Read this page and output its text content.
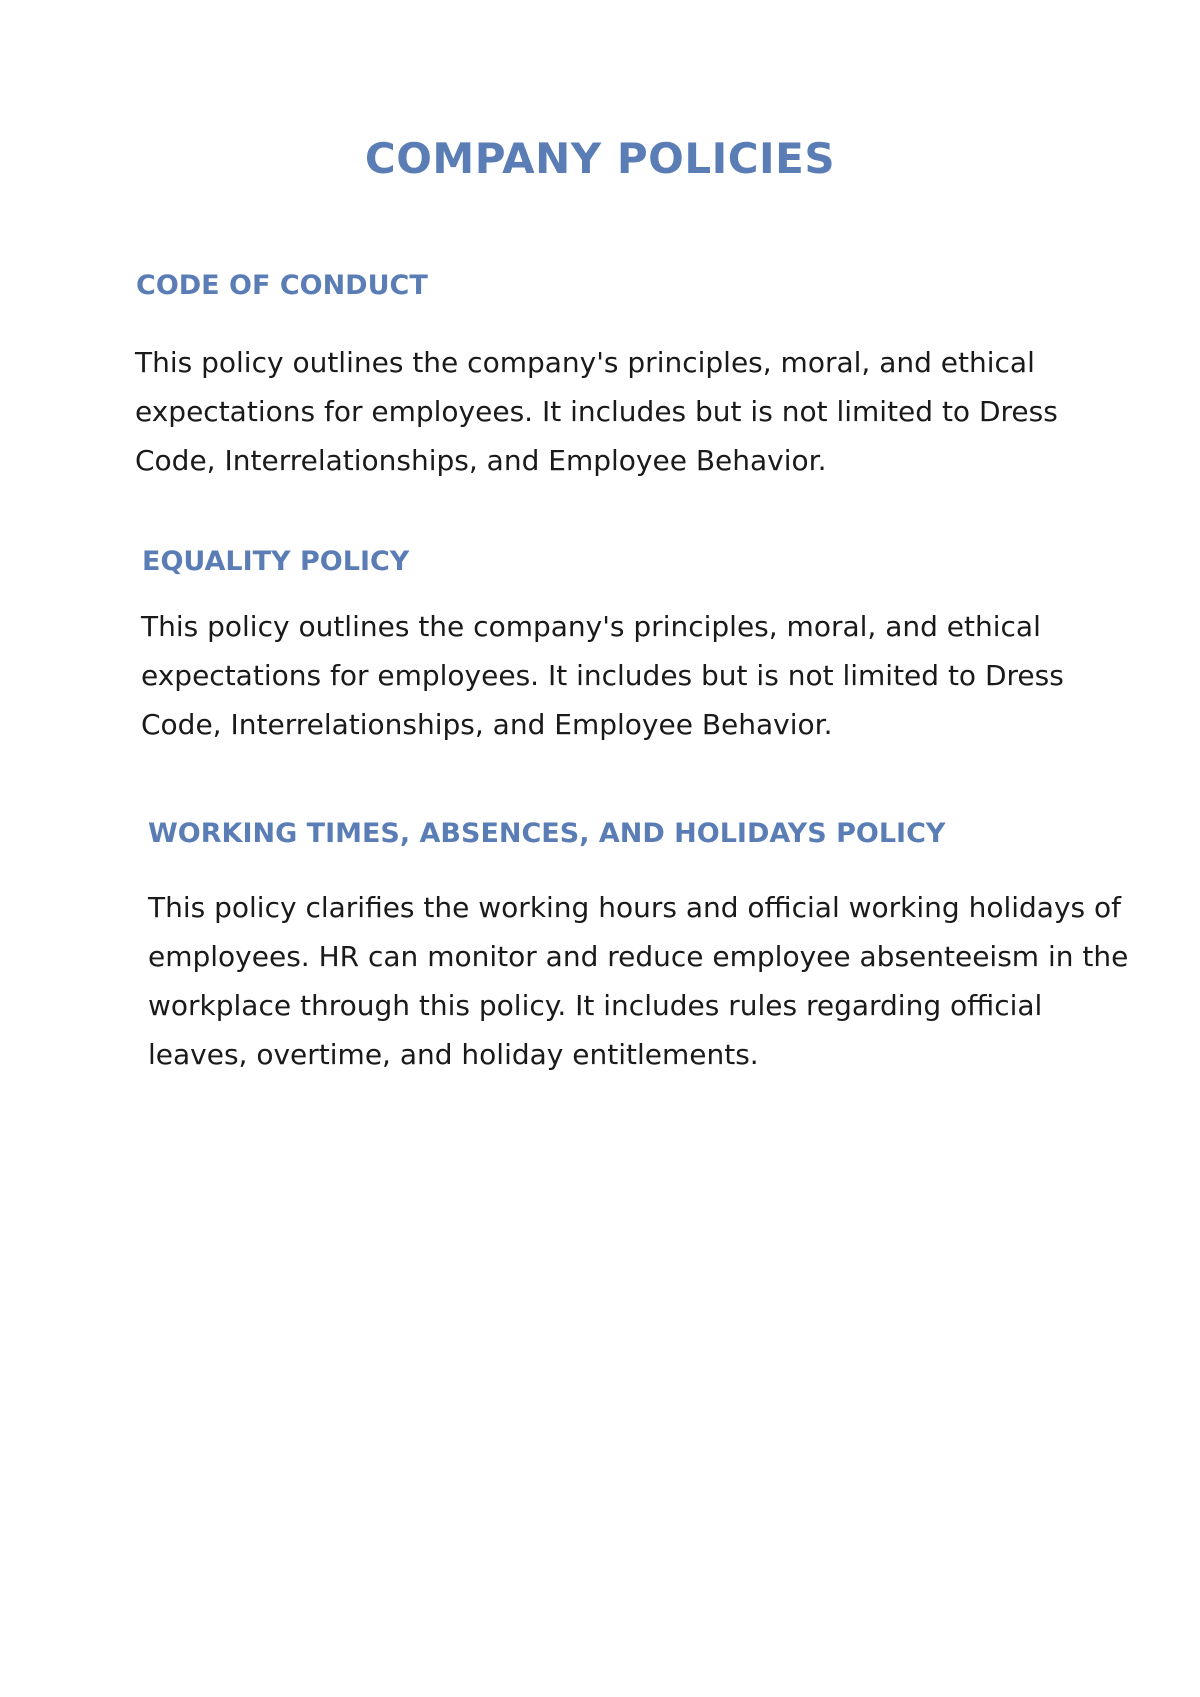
COMPANY POLICIES
CODE OF CONDUCT

This policy outlines the company's principles, moral, and ethical expectations for employees. It includes but is not limited to Dress Code, Interrelationships, and Employee Behavior.

EQUALITY POLICY

This policy outlines the company's principles, moral, and ethical expectations for employees. It includes but is not limited to Dress Code, Interrelationships, and Employee Behavior.

WORKING TIMES, ABSENCES, AND HOLIDAYS POLICY

This policy clarifies the working hours and official working holidays of employees. HR can monitor and reduce employee absenteeism in the workplace through this policy. It includes rules regarding official leaves, overtime, and holiday entitlements.
